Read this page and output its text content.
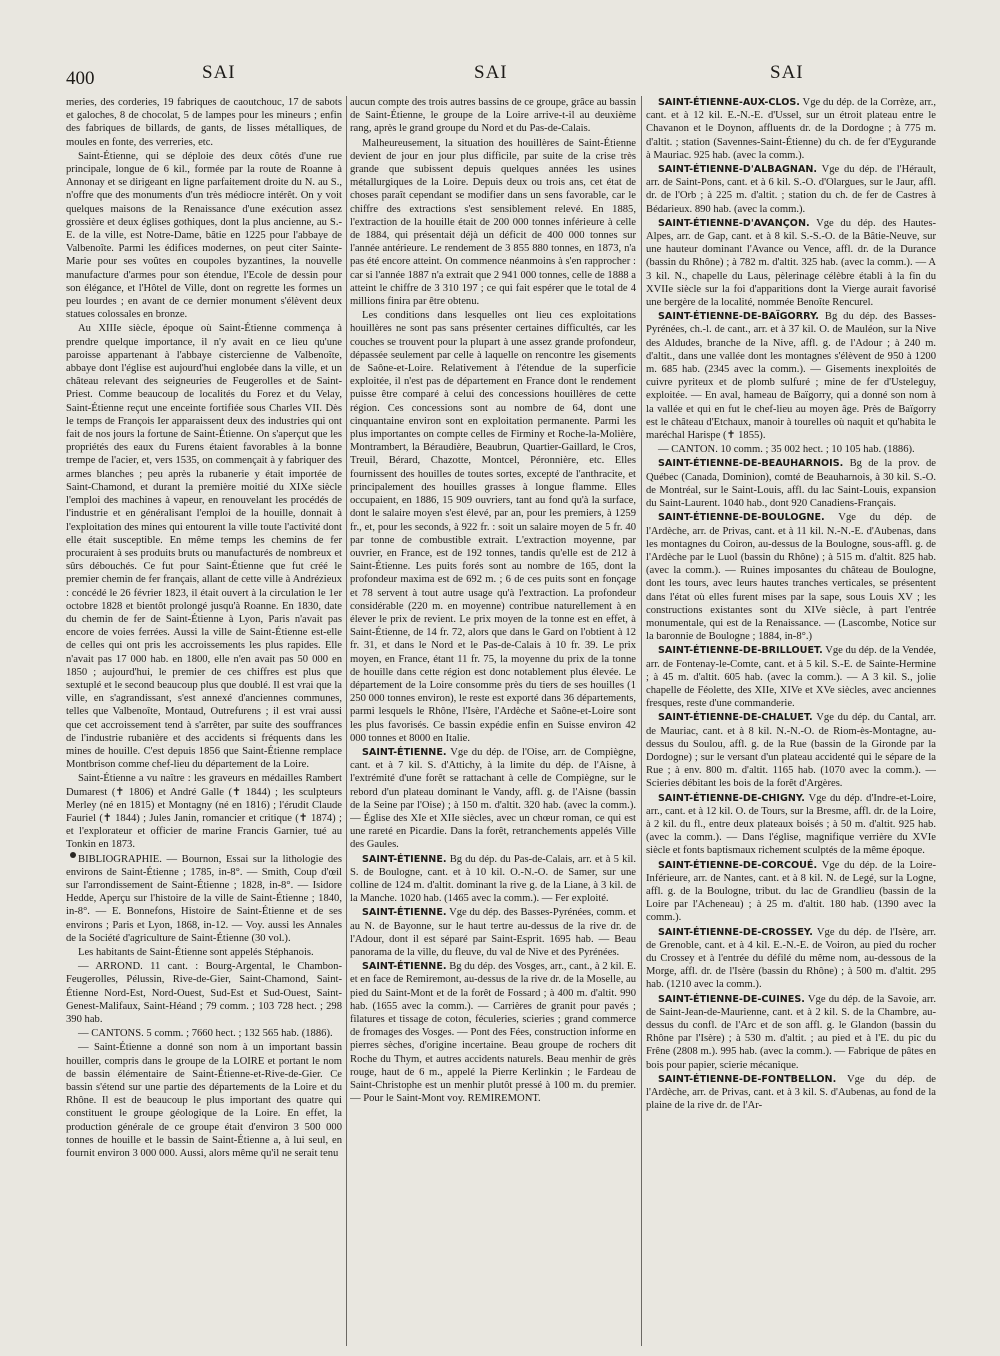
400	SAI	SAI	SAI

meries, des corderies, 19 fabriques de caoutchouc, 17 de sabots et galoches, 8 de chocolat, 5 de lampes pour les mineurs ; enfin des fabriques de billards, de gants, de lisses métalliques, de moules en fonte, des verreries, etc.

Saint-Étienne, qui se déploie des deux côtés d'une rue principale, longue de 6 kil., formée par la route de Roanne à Annonay et se dirigeant en ligne parfaitement droite du N. au S., n'offre que des monuments d'un très médiocre intérêt. On y voit quelques maisons de la Renaissance d'une exécution assez grossière et deux églises gothiques, dont la plus ancienne, au S.-E. de la ville, est Notre-Dame, bâtie en 1225 pour l'abbaye de Valbenoîte. Parmi les édifices modernes, on peut citer Sainte-Marie pour ses voûtes en coupoles byzantines, la nouvelle manufacture d'armes pour son étendue, l'Ecole de dessin pour son élégance, et l'Hôtel de Ville, dont on regrette les formes un peu lourdes ; en avant de ce dernier monument s'élèvent deux statues colossales en bronze.

Au XIIIe siècle, époque où Saint-Étienne commença à prendre quelque importance, il n'y avait en ce lieu qu'une paroisse appartenant à l'abbaye cistercienne de Valbenoîte, abbaye dont l'église est aujourd'hui englobée dans la ville, et un château relevant des seigneuries de Feugerolles et de Saint-Priest. Comme beaucoup de localités du Forez et du Velay, Saint-Étienne reçut une enceinte fortifiée sous Charles VII. Dès le temps de François Ier apparaissent deux des industries qui ont fait de nos jours la fortune de Saint-Étienne. On s'aperçut que les propriétés des eaux du Furens étaient favorables à la bonne trempe de l'acier, et, vers 1535, on commençait à y fabriquer des armes blanches ; peu après la rubanerie y était importée de Saint-Chamond, et durant la première moitié du XIXe siècle l'emploi des machines à vapeur, en renouvelant les procédés de l'industrie et en généralisant l'emploi de la houille, donnait à l'exploitation des mines qui entourent la ville toute l'activité dont elle était susceptible. En même temps les chemins de fer procuraient à ses produits bruts ou manufacturés de nombreux et sûrs débouchés. Ce fut pour Saint-Étienne que fut créé le premier chemin de fer français, allant de cette ville à Andrézieux : concédé le 26 février 1823, il était ouvert à la circulation le 1er octobre 1828 et bientôt prolongé jusqu'à Roanne. En 1830, date du chemin de fer de Saint-Étienne à Lyon, Paris n'avait pas encore de voies ferrées. Aussi la ville de Saint-Étienne est-elle de celles qui ont pris les accroissements les plus rapides. Elle n'avait pas 17 000 hab. en 1800, elle n'en avait pas 50 000 en 1850 ; aujourd'hui, le premier de ces chiffres est plus que sextuplé et le second beaucoup plus que doublé. Il est vrai que la ville, en s'agrandissant, s'est annexé d'anciennes communes, telles que Valbenoîte, Montaud, Outrefurens ; il est vrai aussi que cet accroissement tend à s'arrêter, par suite des souffrances de l'industrie rubanière et des accidents si fréquents dans les mines de houille. C'est depuis 1856 que Saint-Étienne remplace Montbrison comme chef-lieu du département de la Loire.

Saint-Étienne a vu naître : les graveurs en médailles Rambert Dumarest (✝ 1806) et André Galle (✝ 1844) ; les sculpteurs Merley (né en 1815) et Montagny (né en 1816) ; l'érudit Claude Fauriel (✝ 1844) ; Jules Janin, romancier et critique (✝ 1874) ; et l'explorateur et officier de marine Francis Garnier, tué au Tonkin en 1873.

BIBLIOGRAPHIE. — Bournon, Essai sur la lithologie des environs de Saint-Étienne ; 1785, in-8°. — Smith, Coup d'œil sur l'arrondissement de Saint-Étienne ; 1828, in-8°. — Isidore Hedde, Aperçu sur l'histoire de la ville de Saint-Étienne ; 1840, in-8°. — E. Bonnefons, Histoire de Saint-Étienne et de ses environs ; Paris et Lyon, 1868, in-12. — Voy. aussi les Annales de la Société d'agriculture de Saint-Étienne (30 vol.).

Les habitants de Saint-Étienne sont appelés Stéphanois.

— ARROND. 11 cant. : Bourg-Argental, le Chambon-Feugerolles, Pélussin, Rive-de-Gier, Saint-Chamond, Saint-Étienne Nord-Est, Nord-Ouest, Sud-Est et Sud-Ouest, Saint-Genest-Malifaux, Saint-Héand ; 79 comm. ; 103 728 hect. ; 298 390 hab.

— CANTONS. 5 comm. ; 7660 hect. ; 132 565 hab. (1886).

— Saint-Étienne a donné son nom à un important bassin houiller, compris dans le groupe de la LOIRE et portant le nom de bassin élémentaire de Saint-Étienne-et-Rive-de-Gier. Ce bassin s'étend sur une partie des départements de la Loire et du Rhône. Il est de beaucoup le plus important des quatre qui constituent le groupe géologique de la Loire. En effet, la production générale de ce groupe était d'environ 3 500 000 tonnes de houille et le bassin de Saint-Étienne a, à lui seul, en fournit environ 3 000 000. Aussi, alors même qu'il ne serait tenu

aucun compte des trois autres bassins de ce groupe, grâce au bassin de Saint-Étienne, le groupe de la Loire arrive-t-il au deuxième rang, après le grand groupe du Nord et du Pas-de-Calais.

Malheureusement, la situation des houillères de Saint-Étienne devient de jour en jour plus difficile, par suite de la crise très grande que subissent depuis quelques années les usines métallurgiques de la Loire. Depuis deux ou trois ans, cet état de choses paraît cependant se modifier dans un sens favorable, car le chiffre des extractions s'est sensiblement relevé. En 1885, l'extraction de la houille était de 200 000 tonnes inférieure à celle de 1884, qui présentait déjà un déficit de 400 000 tonnes sur l'année antérieure. Le rendement de 3 855 880 tonnes, en 1873, n'a pas été encore atteint. On commence néanmoins à s'en rapprocher : car si l'année 1887 n'a extrait que 2 941 000 tonnes, celle de 1888 a atteint le chiffre de 3 310 197 ; ce qui fait espérer que le total de 4 millions finira par être obtenu.

Les conditions dans lesquelles ont lieu ces exploitations houillères ne sont pas sans présenter certaines difficultés, car les couches se trouvent pour la plupart à une assez grande profondeur, dépassée seulement par celle à laquelle on rencontre les gisements de Saône-et-Loire. Relativement à l'étendue de la superficie exploitée, il n'est pas de département en France dont le rendement puisse être comparé à celui des concessions houillères de cette région. Ces concessions sont au nombre de 64, dont une cinquantaine environ sont en exploitation permanente. Parmi les plus importantes on compte celles de Firminy et Roche-la-Molière, Montrambert, la Béraudière, Beaubrun, Quartier-Gaillard, le Cros, Treuil, Bérard, Chazotte, Montcel, Péronnière, etc. Elles fournissent des houilles de toutes sortes, excepté de l'anthracite, et principalement des houilles grasses à longue flamme. Elles occupaient, en 1886, 15 909 ouvriers, tant au fond qu'à la surface, dont le salaire moyen s'est élevé, par an, pour les premiers, à 1259 fr., et, pour les seconds, à 922 fr. : soit un salaire moyen de 5 fr. 40 par tonne de combustible extrait. L'extraction moyenne, par ouvrier, en France, est de 192 tonnes, tandis qu'elle est de 212 à Saint-Étienne. Les puits forés sont au nombre de 165, dont la profondeur maxima est de 692 m. ; 6 de ces puits sont en fonçage et 78 servent à tout autre usage qu'à l'extraction. La profondeur considérable (220 m. en moyenne) contribue naturellement à en élever le prix de revient. Le prix moyen de la tonne est en effet, à Saint-Étienne, de 14 fr. 72, alors que dans le Gard on l'obtient à 12 fr. 31, et dans le Nord et le Pas-de-Calais à 10 fr. 39. Le prix moyen, en France, étant 11 fr. 75, la moyenne du prix de la tonne de houille dans cette région est donc notablement plus élevée. Le département de la Loire consomme près du tiers de ses houilles (1 250 000 tonnes environ), le reste est exporté dans 36 départements, parmi lesquels le Rhône, l'Isère, l'Ardèche et Saône-et-Loire sont les plus favorisés. Ce bassin expédie enfin en Suisse environ 42 000 tonnes et 8000 en Italie.

SAINT-ÉTIENNE. Vge du dép. de l'Oise, arr. de Compiègne, cant. et à 7 kil. S. d'Attichy, à la limite du dép. de l'Aisne, à l'extrémité d'une forêt se rattachant à celle de Compiègne, sur le rebord d'un plateau dominant le Vandy, affl. g. de l'Aisne (bassin de la Seine par l'Oise) ; à 150 m. d'altit. 320 hab. (avec la comm.). — Église des XIe et XIIe siècles, avec un chœur roman, ce qui est une rareté en Picardie. Dans la forêt, retranchements appelés Ville des Gaules.

SAINT-ÉTIENNE. Bg du dép. du Pas-de-Calais, arr. et à 5 kil. S. de Boulogne, cant. et à 10 kil. O.-N.-O. de Samer, sur une colline de 124 m. d'altit. dominant la rive g. de la Liane, à 3 kil. de la Manche. 1020 hab. (1465 avec la comm.). — Fer exploité.

SAINT-ÉTIENNE. Vge du dép. des Basses-Pyrénées, comm. et au N. de Bayonne, sur le haut tertre au-dessus de la rive dr. de l'Adour, dont il est séparé par Saint-Esprit. 1695 hab. — Beau panorama de la ville, du fleuve, du val de Nive et des Pyrénées.

SAINT-ÉTIENNE. Bg du dép. des Vosges, arr., cant., à 2 kil. E. et en face de Remiremont, au-dessus de la rive dr. de la Moselle, au pied du Saint-Mont et de la forêt de Fossard ; à 400 m. d'altit. 990 hab. (1655 avec la comm.). — Carrières de granit pour pavés ; filatures et tissage de coton, féculeries, scieries ; grand commerce de fromages des Vosges. — Pont des Fées, construction informe en pierres sèches, d'origine incertaine. Beau groupe de rochers dit Roche du Thym, et autres accidents naturels. Beau menhir de grès rouge, haut de 6 m., appelé la Pierre Kerlinkin ; le Fardeau de Saint-Christophe est un menhir plutôt pressé à 100 m. du premier. — Pour le Saint-Mont voy. REMIREMONT.

SAINT-ÉTIENNE-AUX-CLOS. Vge du dép. de la Corrèze, arr., cant. et à 12 kil. E.-N.-E. d'Ussel, sur un étroit plateau entre le Chavanon et le Doynon, affluents dr. de la Dordogne ; à 775 m. d'altit. ; station (Savennes-Saint-Étienne) du ch. de fer d'Eygurande à Mauriac. 925 hab. (avec la comm.).

SAINT-ÉTIENNE-D'ALBAGNAN. Vge du dép. de l'Hérault, arr. de Saint-Pons, cant. et à 6 kil. S.-O. d'Olargues, sur le Jaur, affl. dr. de l'Orb ; à 225 m. d'altit. ; station du ch. de fer de Castres à Bédarieux. 890 hab. (avec la comm.).

SAINT-ÉTIENNE-D'AVANÇON. Vge du dép. des Hautes-Alpes, arr. de Gap, cant. et à 8 kil. S.-S.-O. de la Bâtie-Neuve, sur une hauteur dominant l'Avance ou Vence, affl. dr. de la Durance (bassin du Rhône) ; à 782 m. d'altit. 325 hab. (avec la comm.). — A 3 kil. N., chapelle du Laus, pèlerinage célèbre établi à la fin du XVIIe siècle sur la foi d'apparitions dont la Vierge aurait favorisé une bergère de la localité, nommée Benoîte Rencurel.

SAINT-ÉTIENNE-DE-BAÏGORRY. Bg du dép. des Basses-Pyrénées, ch.-l. de cant., arr. et à 37 kil. O. de Mauléon, sur la Nive des Aldudes, branche de la Nive, affl. g. de l'Adour ; à 240 m. d'altit., dans une vallée dont les montagnes s'élèvent de 950 à 1200 m. 685 hab. (2345 avec la comm.). — Gisements inexploités de cuivre pyriteux et de plomb sulfuré ; mine de fer d'Usteleguy, exploitée. — En aval, hameau de Baïgorry, qui a donné son nom à la vallée et qui en fut le chef-lieu au moyen âge. Près de Baïgorry est le château d'Etchaux, manoir à tourelles où naquit et qu'habita le maréchal Harispe (✝ 1855).

— CANTON. 10 comm. ; 35 002 hect. ; 10 105 hab. (1886).

SAINT-ÉTIENNE-DE-BEAUHARNOIS. Bg de la prov. de Québec (Canada, Dominion), comté de Beauharnois, à 30 kil. S.-O. de Montréal, sur le Saint-Louis, affl. du lac Saint-Louis, expansion du Saint-Laurent. 1040 hab., dont 920 Canadiens-Français.

SAINT-ÉTIENNE-DE-BOULOGNE. Vge du dép. de l'Ardèche, arr. de Privas, cant. et à 11 kil. N.-N.-E. d'Aubenas, dans les montagnes du Coiron, au-dessus de la Boulogne, sous-affl. g. de l'Ardèche par le Luol (bassin du Rhône) ; à 515 m. d'altit. 825 hab. (avec la comm.). — Ruines imposantes du château de Boulogne, dont les tours, avec leurs hautes tranches verticales, se présentent dans l'état où elles furent mises par la sape, sous Louis XV ; les constructions existantes sont du XIVe siècle, à part l'entrée monumentale, qui est de la Renaissance. — (Lascombe, Notice sur la baronnie de Boulogne ; 1884, in-8°.)

SAINT-ÉTIENNE-DE-BRILLOUET. Vge du dép. de la Vendée, arr. de Fontenay-le-Comte, cant. et à 5 kil. S.-E. de Sainte-Hermine ; à 45 m. d'altit. 605 hab. (avec la comm.). — A 3 kil. S., jolie chapelle de Féolette, des XIIe, XIVe et XVe siècles, avec anciennes fresques, reste d'une commanderie.

SAINT-ÉTIENNE-DE-CHALUET. Vge du dép. du Cantal, arr. de Mauriac, cant. et à 8 kil. N.-N.-O. de Riom-ès-Montagne, au-dessus du Soulou, affl. g. de la Rue (bassin de la Gironde par la Dordogne) ; sur le versant d'un plateau accidenté qui le sépare de la Rue ; à env. 800 m. d'altit. 1165 hab. (1070 avec la comm.). — Scieries débitant les bois de la forêt d'Argères.

SAINT-ÉTIENNE-DE-CHIGNY. Vge du dép. d'Indre-et-Loire, arr., cant. et à 12 kil. O. de Tours, sur la Bresme, affl. dr. de la Loire, à 2 kil. du fl., entre deux plateaux boisés ; à 50 m. d'altit. 925 hab. (avec la comm.). — Dans l'église, magnifique verrière du XVIe siècle et fonts baptismaux richement sculptés de la même époque.

SAINT-ÉTIENNE-DE-CORCOUÉ. Vge du dép. de la Loire-Inférieure, arr. de Nantes, cant. et à 8 kil. N. de Legé, sur la Logne, affl. g. de la Boulogne, tribut. du lac de Grandlieu (bassin de la Loire par l'Acheneau) ; à 25 m. d'altit. 180 hab. (1390 avec la comm.).

SAINT-ÉTIENNE-DE-CROSSEY. Vge du dép. de l'Isère, arr. de Grenoble, cant. et à 4 kil. E.-N.-E. de Voiron, au pied du rocher du Crossey et à l'entrée du défilé du même nom, au-dessous de la Morge, affl. dr. de l'Isère (bassin du Rhône) ; à 500 m. d'altit. 295 hab. (1210 avec la comm.).

SAINT-ÉTIENNE-DE-CUINES. Vge du dép. de la Savoie, arr. de Saint-Jean-de-Maurienne, cant. et à 2 kil. S. de la Chambre, au-dessus du confl. de l'Arc et de son affl. g. le Glandon (bassin du Rhône par l'Isère) ; à 530 m. d'altit. ; au pied et à l'E. du pic du Frêne (2808 m.). 995 hab. (avec la comm.). — Fabrique de pâtes en bois pour papier, scierie mécanique.

SAINT-ÉTIENNE-DE-FONTBELLON. Vge du dép. de l'Ardèche, arr. de Privas, cant. et à 3 kil. S. d'Aubenas, au fond de la plaine de la rive dr. de l'Ar-
